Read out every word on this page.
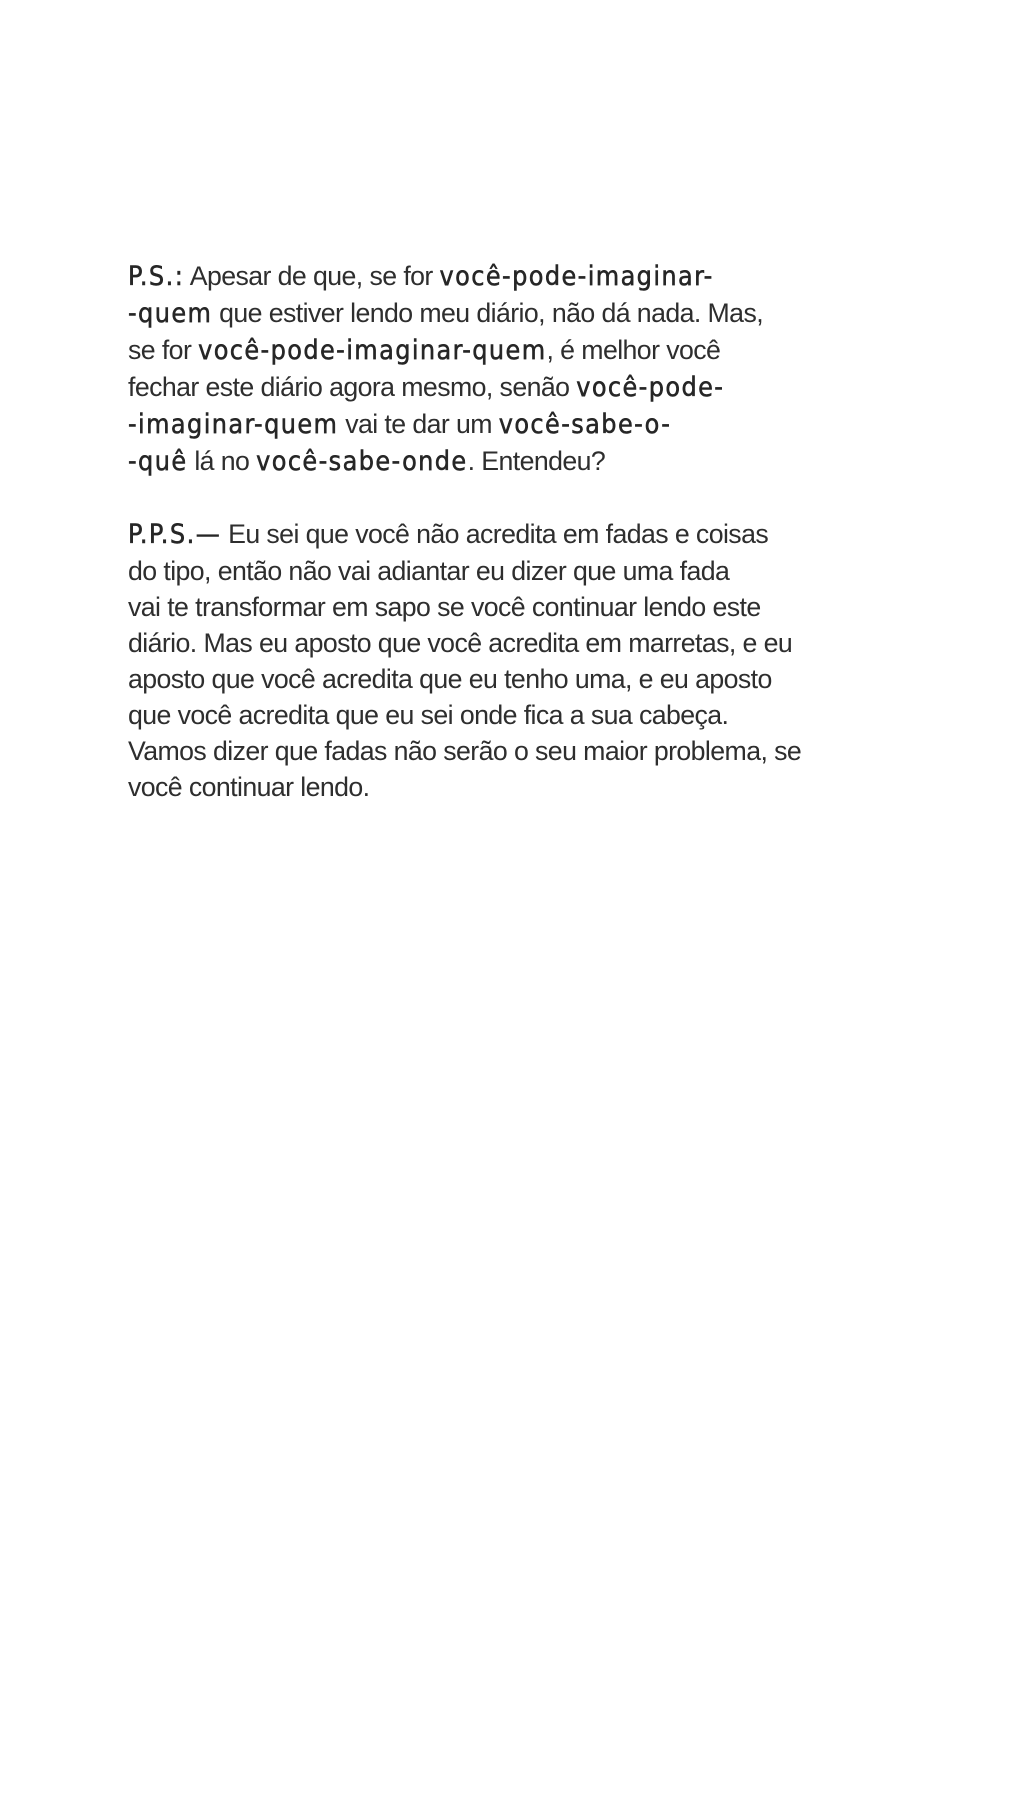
P.S.: Apesar de que, se for você-pode-imaginar-
-quem que estiver lendo meu diário, não dá nada. Mas,
se for você-pode-imaginar-quem, é melhor você
fechar este diário agora mesmo, senão você-pode-
-imaginar-quem vai te dar um você-sabe-o-
-quê lá no você-sabe-onde. Entendeu?

P.P.S.— Eu sei que você não acredita em fadas e coisas
do tipo, então não vai adiantar eu dizer que uma fada
vai te transformar em sapo se você continuar lendo este
diário. Mas eu aposto que você acredita em marretas, e eu
aposto que você acredita que eu tenho uma, e eu aposto
que você acredita que eu sei onde fica a sua cabeça.
Vamos dizer que fadas não serão o seu maior problema, se
você continuar lendo.
